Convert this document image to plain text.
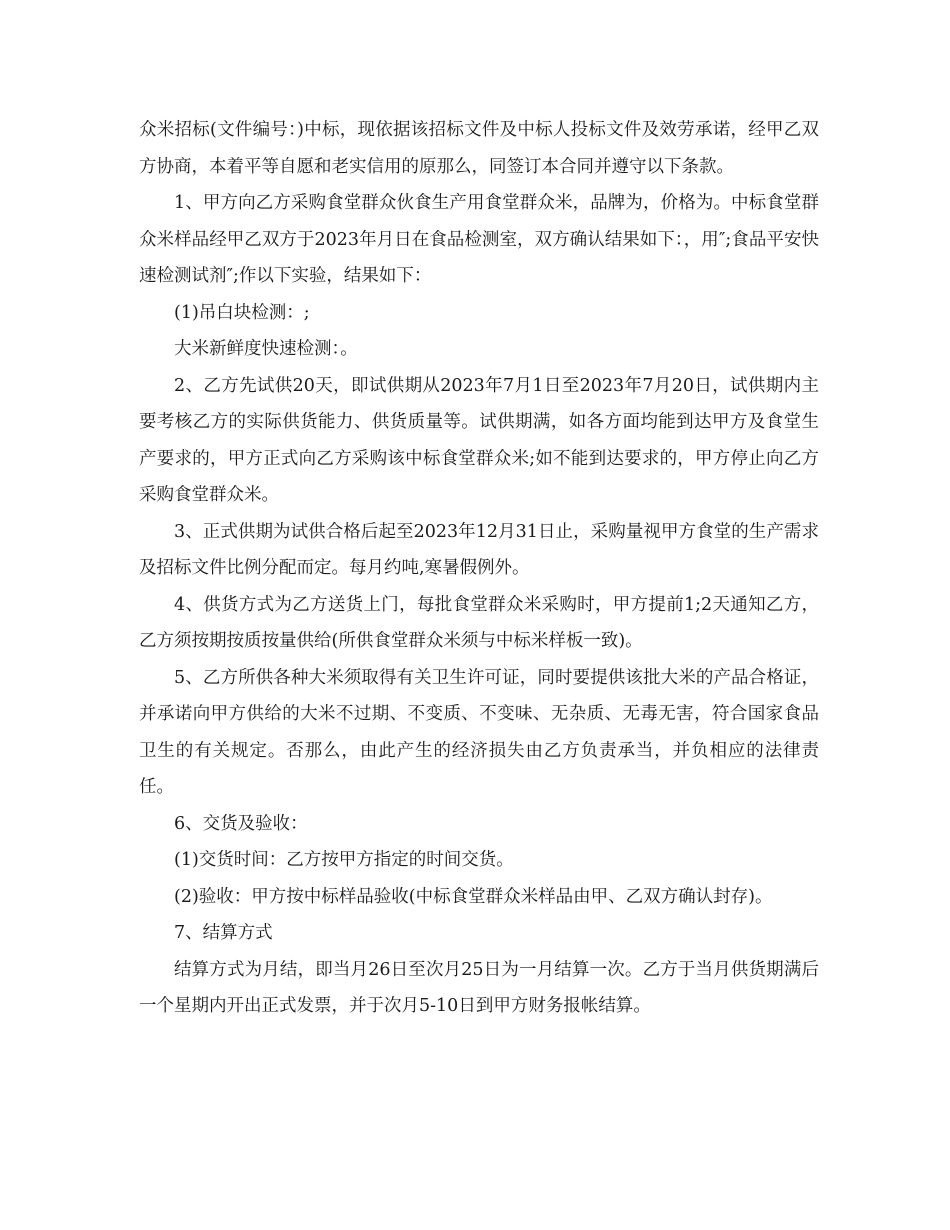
众米招标(文件编号：)中标，现依据该招标文件及中标人投标文件及效劳承诺，经甲乙双方协商，本着平等自愿和老实信用的原那么，同签订本合同并遵守以下条款。

1、甲方向乙方采购食堂群众伙食生产用食堂群众米，品牌为，价格为。中标食堂群众米样品经甲乙双方于2023年月日在食品检测室，双方确认结果如下：，用″;食品平安快速检测试剂″;作以下实验，结果如下：

(1)吊白块检测：;

大米新鲜度快速检测：。

2、乙方先试供20天，即试供期从2023年7月1日至2023年7月20日，试供期内主要考核乙方的实际供货能力、供货质量等。试供期满，如各方面均能到达甲方及食堂生产要求的，甲方正式向乙方采购该中标食堂群众米;如不能到达要求的，甲方停止向乙方采购食堂群众米。

3、正式供期为试供合格后起至2023年12月31日止，采购量视甲方食堂的生产需求及招标文件比例分配而定。每月约吨,寒暑假例外。

4、供货方式为乙方送货上门，每批食堂群众米采购时，甲方提前1;2天通知乙方，乙方须按期按质按量供给(所供食堂群众米须与中标米样板一致)。

5、乙方所供各种大米须取得有关卫生许可证，同时要提供该批大米的产品合格证，并承诺向甲方供给的大米不过期、不变质、不变味、无杂质、无毒无害，符合国家食品卫生的有关规定。否那么，由此产生的经济损失由乙方负责承当，并负相应的法律责任。

6、交货及验收：

(1)交货时间：乙方按甲方指定的时间交货。

(2)验收：甲方按中标样品验收(中标食堂群众米样品由甲、乙双方确认封存)。

7、结算方式

结算方式为月结，即当月26日至次月25日为一月结算一次。乙方于当月供货期满后一个星期内开出正式发票，并于次月5-10日到甲方财务报帐结算。
